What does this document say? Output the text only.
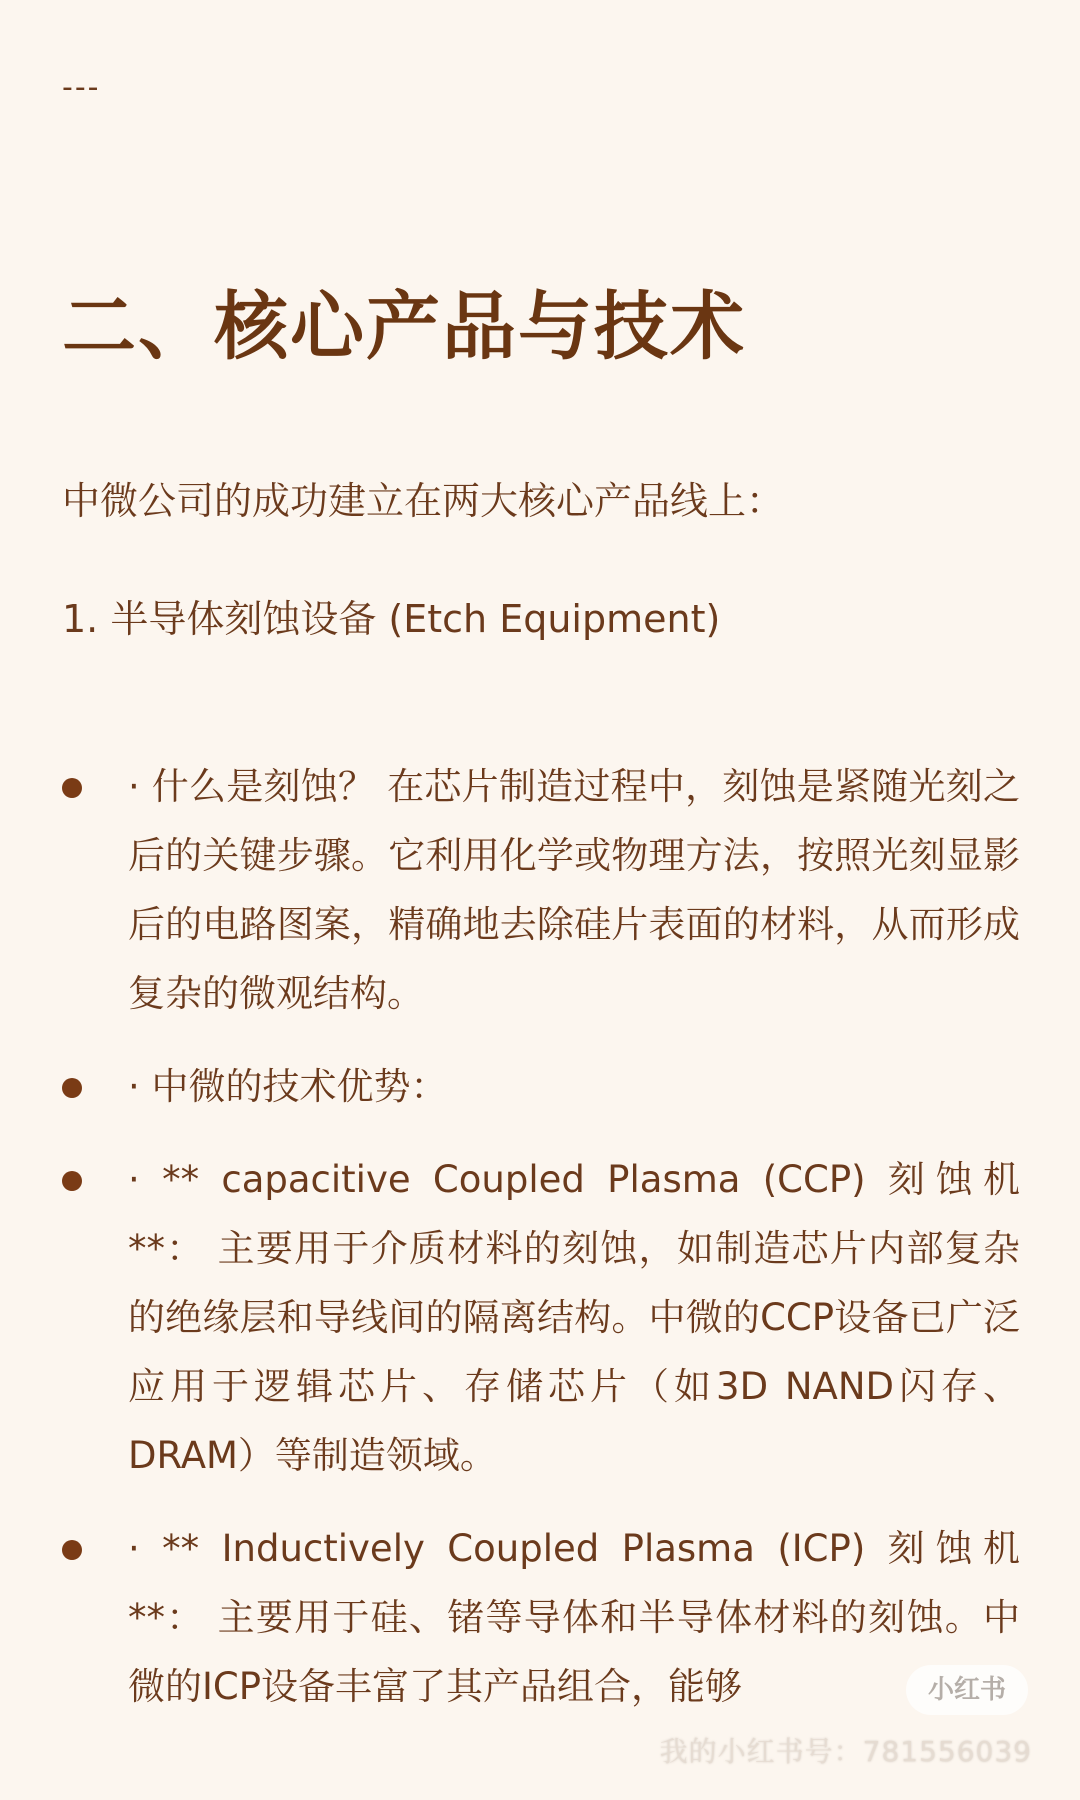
---
二、核心产品与技术
中微公司的成功建立在两大核心产品线上：
1. 半导体刻蚀设备 (Etch Equipment)
· 什么是刻蚀？ 在芯片制造过程中，刻蚀是紧随光刻之后的关键步骤。它利用化学或物理方法，按照光刻显影后的电路图案，精确地去除硅片表面的材料，从而形成复杂的微观结构。
· 中微的技术优势：
· ** capacitive Coupled Plasma (CCP) 刻蚀机 **： 主要用于介质材料的刻蚀，如制造芯片内部复杂的绝缘层和导线间的隔离结构。中微的CCP设备已广泛应用于逻辑芯片、存储芯片（如3D NAND闪存、DRAM）等制造领域。
· ** Inductively Coupled Plasma (ICP) 刻蚀机 **： 主要用于硅、锗等导体和半导体材料的刻蚀。中微的ICP设备丰富了其产品组合，能够	小红书
我的小红书号：781556039
